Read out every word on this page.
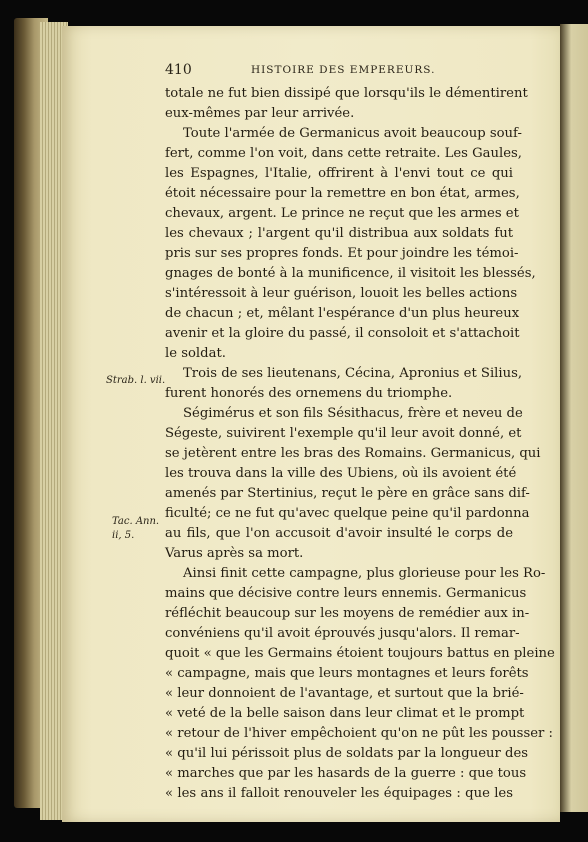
410	HISTOIRE DES EMPEREURS.
Strab. l. vii.
Tac. Ann.
ii, 5.
totale ne fut bien dissipé que lorsqu'ils le démentirent
eux-mêmes par leur arrivée.
Toute l'armée de Germanicus avoit beaucoup souf-
fert, comme l'on voit, dans cette retraite. Les Gaules,
les Espagnes, l'Italie, offrirent à l'envi tout ce qui
étoit nécessaire pour la remettre en bon état, armes,
chevaux, argent. Le prince ne reçut que les armes et
les chevaux ; l'argent qu'il distribua aux soldats fut
pris sur ses propres fonds. Et pour joindre les témoi-
gnages de bonté à la munificence, il visitoit les blessés,
s'intéressoit à leur guérison, louoit les belles actions
de chacun ; et, mêlant l'espérance d'un plus heureux
avenir et la gloire du passé, il consoloit et s'attachoit
le soldat.
Trois de ses lieutenans, Cécina, Apronius et Silius,
furent honorés des ornemens du triomphe.
Ségimérus et son fils Sésithacus, frère et neveu de
Ségeste, suivirent l'exemple qu'il leur avoit donné, et
se jetèrent entre les bras des Romains. Germanicus, qui
les trouva dans la ville des Ubiens, où ils avoient été
amenés par Stertinius, reçut le père en grâce sans dif-
ficulté; ce ne fut qu'avec quelque peine qu'il pardonna
au fils, que l'on accusoit d'avoir insulté le corps de
Varus après sa mort.
Ainsi finit cette campagne, plus glorieuse pour les Ro-
mains que décisive contre leurs ennemis. Germanicus
réfléchit beaucoup sur les moyens de remédier aux in-
convéniens qu'il avoit éprouvés jusqu'alors. Il remar-
quoit « que les Germains étoient toujours battus en pleine
« campagne, mais que leurs montagnes et leurs forêts
« leur donnoient de l'avantage, et surtout que la brié-
« veté de la belle saison dans leur climat et le prompt
« retour de l'hiver empêchoient qu'on ne pût les pousser :
« qu'il lui périssoit plus de soldats par la longueur des
« marches que par les hasards de la guerre : que tous
« les ans il falloit renouveler les équipages : que les
